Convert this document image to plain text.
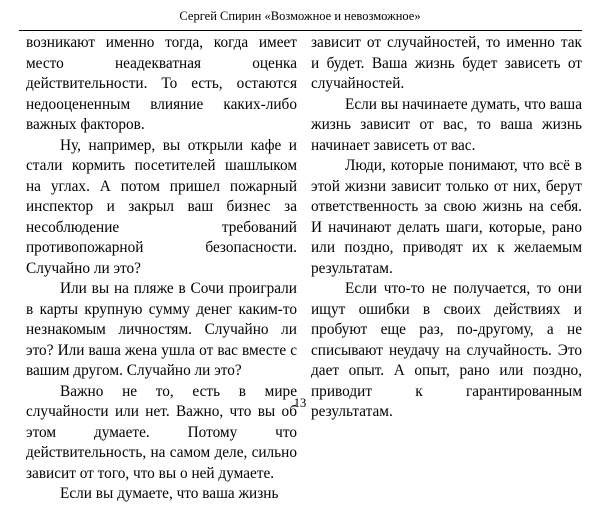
Сергей Спирин «Возможное и невозможное»

возникают именно тогда, когда имеет место неадекватная оценка действительности. То есть, остаются недооцененным влияние каких-либо важных факторов.

Ну, например, вы открыли кафе и стали кормить посетителей шашлыком на углах. А потом пришел пожарный инспектор и закрыл ваш бизнес за несоблюдение требований противопожарной безопасности. Случайно ли это?

Или вы на пляже в Сочи проиграли в карты крупную сумму денег каким-то незнакомым личностям. Случайно ли это? Или ваша жена ушла от вас вместе с вашим другом. Случайно ли это?

Важно не то, есть в мире случайности или нет. Важно, что вы об этом думаете. Потому что действительность, на самом деле, сильно зависит от того, что вы о ней думаете.

Если вы думаете, что ваша жизнь

зависит от случайностей, то именно так и будет. Ваша жизнь будет зависеть от случайностей.

Если вы начинаете думать, что ваша жизнь зависит от вас, то ваша жизнь начинает зависеть от вас.

Люди, которые понимают, что всё в этой жизни зависит только от них, берут ответственность за свою жизнь на себя. И начинают делать шаги, которые, рано или поздно, приводят их к желаемым результатам.

Если что-то не получается, то они ищут ошибки в своих действиях и пробуют еще раз, по-другому, а не списывают неудачу на случайность. Это дает опыт. А опыт, рано или поздно, приводит к гарантированным результатам.

13
